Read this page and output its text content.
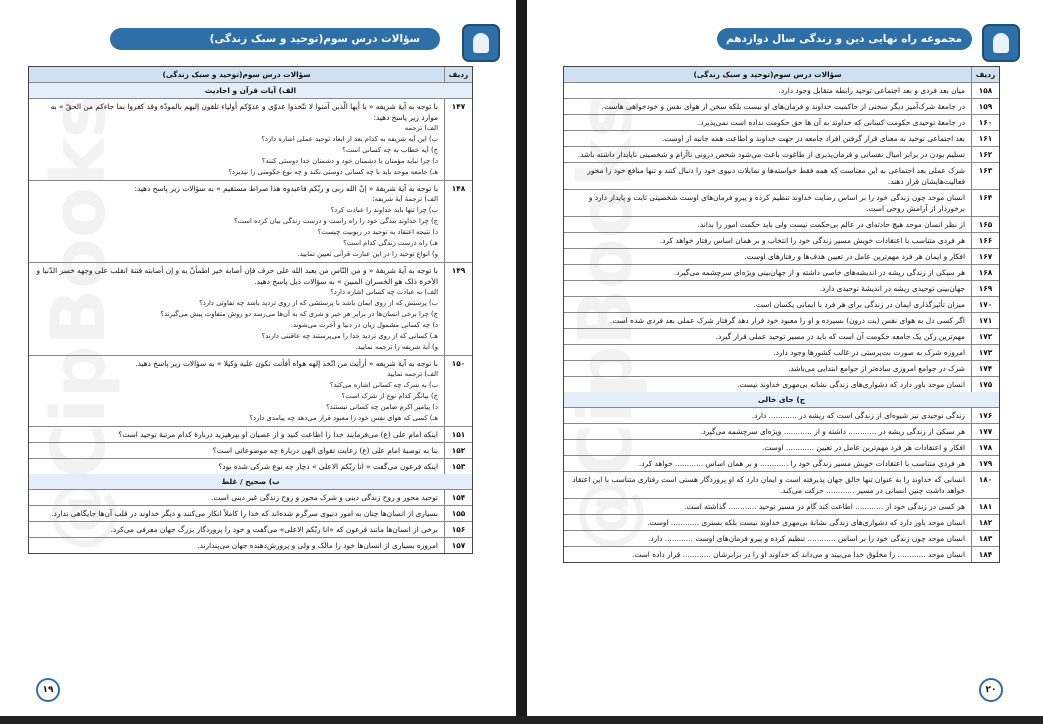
@CipBooks
سؤالات درس سوم(توحید و سبک زندگی)
ردیف
سؤالات درس سوم(توحید و سبک زندگی)
الف) آیات قرآن و احادیث
۱۴۷
با توجه به آیهٔ شریفه « یا أیها الّذین آمنوا لا تتّخذوا عدوّی و عدوّکم أولیاء تلقون إلیهم بالمودّة وقد کفروا بما جاءکم من الحقّ » به موارد زیر پاسخ دهید:
الف) ترجمه
ب) این آیه شریفه به کدام بعد از ابعاد توحید عملی اشاره دارد؟
ج) آیه خطاب به چه کسانی است؟
د) چرا نباید مؤمنان با دشمنان خود و دشمنان خدا دوستی کنند؟
هـ) جامعه موحد باید با چه کسانی دوستی نکند و چه نوع حکومتی را نپذیرد؟
۱۴۸
با توجه به آیهٔ شریفهٔ « إنّ الله ربی و ربّکم فاعبدوه هذا صراط مستقیم » به سؤالات زیر پاسخ دهید:
الف) ترجمهٔ آیهٔ شریفه:
ب) چرا تنها باید خداوند را عبادت کرد؟
ج) چرا خداوند بندگی خود را راه راست و درست زندگی بیان کرده است؟
د) نتیجه اعتقاد به توحید در ربوبیت چیست؟
هـ) راه درست زندگی کدام است؟
و) انواع توحید را در این عبارت قرآنی تعیین نمایید.
۱۴۹
با توجه به آیهٔ شریفهٔ « و من النّاس من یعبد الله علی حرف فإن أصابه خیر اطمأنّ به و إن أصابته فتنة انقلب علی وجهه خسر الدّنیا و الآخرة ذلک هو الخسران المبین » به سؤالات ذیل پاسخ دهید.
الف) به عبادت چه کسانی اشاره دارد؟
ب) پرستش که از روی ایمان باشد با پرستشی که از روی تردید باشد چه تفاوتی دارد؟
ج) چرا برخی انسان‌ها در برابر هر خیر و شری که به آن‌ها می‌رسد دو روش متفاوت پیش می‌گیرند؟
د) چه کسانی مشمول زیان در دنیا و آخرت می‌شوند.
هـ) کسانی که از روی تردید خدا را می‌پرستند چه عاقبتی دارند؟
و) آیهٔ شریفه را ترجمه نمایید.
۱۵۰
با توجه به آیهٔ شریفه « أرأیت من اتّخذ إلهه هواه أفأنت تکون علیه وکیلا » به سؤالات زیر پاسخ دهید.
الف) ترجمه نمایید
ب) به شرک چه کسانی اشاره می‌کند؟
ج) بیانگر کدام نوع از شرک است؟
د) پیامبر اکرم ضامن چه کسانی نیستند؟
هـ) کسی که هوای نفس خود را معبود قرار می‌دهد چه پیامدی دارد؟
۱۵۱
اینکه امام علی (ع) می‌فرمایند خدا را اطاعت کنید و از عصیان او بپرهیزید دربارهٔ کدام مرتبهٔ توحید است؟
۱۵۲
بنا به توصیهٔ امام علی (ع) رعایت تقوای الهی دربارهٔ چه موضوعاتی است؟
۱۵۳
اینکه فرعون می‌گفت « انا ربّکم الاعلی » دچار چه نوع شرکی شده بود؟
ب) صحیح / غلط
۱۵۴
توحید محور و روح زندگی دینی و شرک محور و روح زندگی غیر دینی است.
۱۵۵
بسیاری از انسان‌ها چنان به امور دنیوی سرگرم شده‌اند که خدا را کاملاً انکار می‌کنند و دیگر خداوند در قلب آن‌ها جایگاهی ندارد.
۱۵۶
برخی از انسان‌ها مانند فرعون که «انا ربّکم الاعلی» می‌گفت و خود را پروردگار بزرگ جهان معرفی می‌کرد.
۱۵۷
امروزه بسیاری از انسان‌ها خود را مالک و ولی و پرورش‌دهنده جهان می‌پندارند.
۱۹
@CipBooks
مجموعه راه نهایی دین و زندگی سال دوازدهم
ردیف
سؤالات درس سوم(توحید و سبک زندگی)
۱۵۸
میان بعد فردی و بعد اجتماعی توحید رابطه متقابل وجود دارد.
۱۵۹
در جامعهٔ شرک‌آمیز دیگر سخنی از حاکمیت خداوند و فرمان‌های او نیست بلکه سخن از هوای نفس و خودخواهی هاست.
۱۶۰
در جامعهٔ توحیدی حکومت کسانی که خداوند به آن ها حق حکومت نداده است نمی‌پذیرد.
۱۶۱
بعد اجتماعی توحید به معنای قرار گرفتن افراد جامعه در جهت خداوند و اطاعت همه جانبه از اوست.
۱۶۲
تسلیم بودن در برابر امیال نفسانی و فرمان‌پذیری از طاغوت باعث می‌شود شخص درونی ناآرام و شخصیتی ناپایدار داشته باشد.
۱۶۳
شرک عملی بعد اجتماعی به این معناست که همه فقط خواسته‌ها و تمایلات دنیوی خود را دنبال کنند و تنها منافع خود را محور فعالیت‌هایشان قرار دهند.
۱۶۴
انسان موحد چون زندگی خود را بر اساس رضایت خداوند تنظیم کرده و پیرو فرمان‌های اوست شخصیتی ثابت و پایدار دارد و برخوردار از آرامش روحی است.
۱۶۵
از نظر انسان موحد هیچ حادثه‌ای در عالم بی‌حکمت نیست ولی باید حکمت امور را بداند.
۱۶۶
هر فردی متناسب با اعتقادات خویش مسیر زندگی خود را انتخاب و بر همان اساس رفتار خواهد کرد.
۱۶۷
افکار و ایمان هر فرد مهم‌ترین عامل در تعیین هدف‌ها و رفتارهای اوست.
۱۶۸
هر سبکی از زندگی ریشه در اندیشه‌های خاصی داشته و از جهان‌بینی ویژه‌ای سرچشمه می‌گیرد.
۱۶۹
جهان‌بینی توحیدی ریشه در اندیشهٔ توحیدی دارد.
۱۷۰
میزان تأثیرگذاری ایمان در زندگی برای هر فرد با ایمانی یکسان است.
۱۷۱
اگر کسی دل به هوای نفس (بت درون) بسپرده و او را معبود خود قرار دهد گرفتار شرک عملی بعد فردی شده است.
۱۷۲
مهم‌ترین رکن یک جامعه حکومت آن است که باید در مسیر توحید عملی قرار گیرد.
۱۷۳
امروزه شرک به صورت بت‌پرستی در غالب کشورها وجود دارد.
۱۷۴
شرک در جوامع امروزی ساده‌تر از جوامع ابتدایی می‌باشد.
۱۷۵
انسان موحد باور دارد که دشواری‌های زندگی نشانه بی‌مهری خداوند نیست.
ج) جای خالی
۱۷۶
زندگی توحیدی نیز شیوه‌ای از زندگی است که ریشه در ............ دارد.
۱۷۷
هر سبکی از زندگی ریشه در ............ داشته و از ............ ویژه‌ای سرچشمه می‌گیرد.
۱۷۸
افکار و اعتقادات هر فرد مهم‌ترین عامل در تعیین ............ اوست.
۱۷۹
هر فردی متناسب با اعتقادات خویش مسیر زندگی خود را ............ و بر همان اساس ............ خواهد کرد.
۱۸۰
انسانی که خداوند را به عنوان تنها خالق جهان پذیرفته است و ایمان دارد که او پروردگار هستی است رفتاری متناسب با این اعتقاد خواهد داشت چنین انسانی در مسیر ............ حرکت می‌کند.
۱۸۱
هر کسی در زندگی خود از ............ اطاعت کند گام در مسیر توحید ............ گذاشته است.
۱۸۲
انسان موحد باور دارد که دشواری‌های زندگی نشانهٔ بی‌مهری خداوند نیست بلکه بستری ............ اوست.
۱۸۳
انسان موحد چون زندگی خود را بر اساس ............ تنظیم کرده و پیرو فرمان‌های اوست ............ دارد.
۱۸۴
انسان موحد ............ را مخلوق خدا می‌بیند و می‌داند که خداوند او را در برابرشان ............ قرار داده است.
۲۰
